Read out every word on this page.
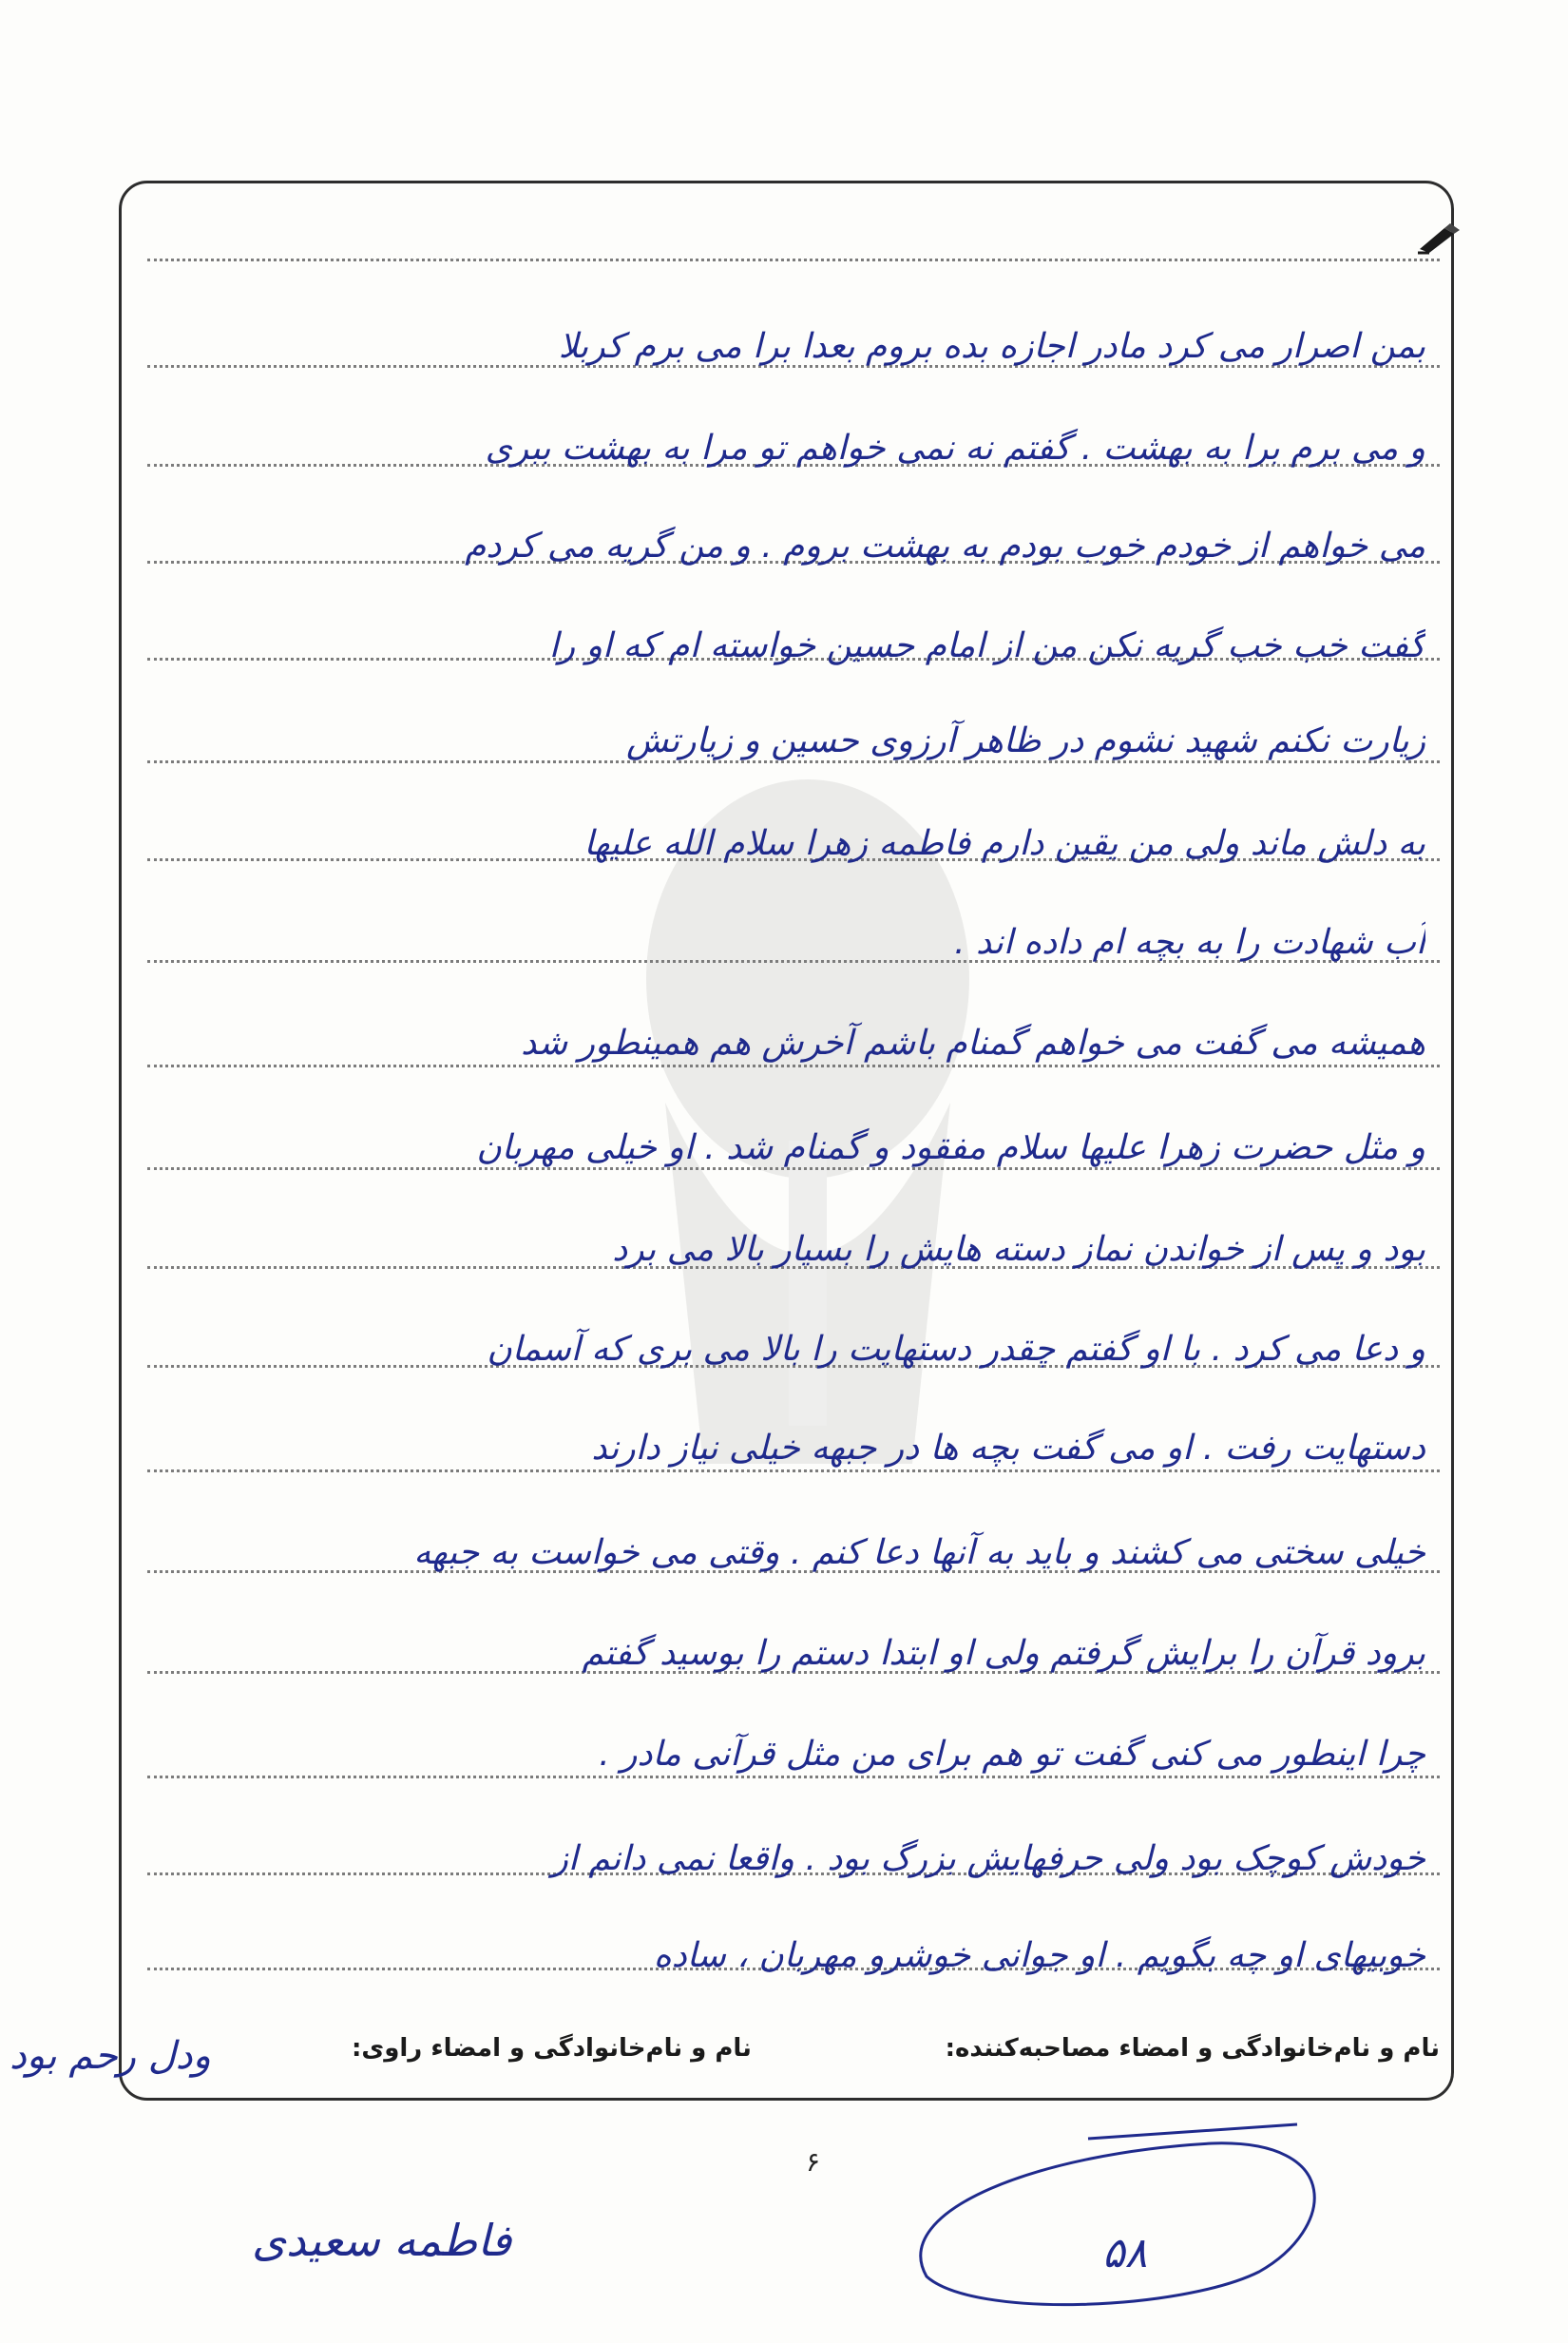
بمن اصرار می کرد مادر اجازه بده بروم بعدا برا می برم کربلا
و می برم برا به بهشت . گفتم نه نمی خواهم تو مرا به بهشت ببری
می خواهم از خودم خوب بودم به بهشت بروم . و من گریه می کردم
گفت خب خب گریه نکن من از امام حسین خواسته ام که او را
زیارت نکنم شهید نشوم در ظاهر آرزوی حسین و زیارتش
به دلش ماند ولی من یقین دارم فاطمه زهرا سلام الله علیها
آب شهادت را به بچه ام داده اند .
همیشه می گفت می خواهم گمنام باشم آخرش هم همینطور شد
و مثل حضرت زهرا علیها سلام مفقود و گمنام شد . او خیلی مهربان
بود و پس از خواندن نماز دسته هایش را بسیار بالا می برد
و دعا می کرد . با او گفتم چقدر دستهایت را بالا می بری که آسمان
دستهایت رفت . او می گفت بچه ها در جبهه خیلی نیاز دارند
خیلی سختی می کشند و باید به آنها دعا کنم . وقتی می خواست به جبهه
برود قرآن را برایش گرفتم ولی او ابتدا دستم را بوسید گفتم
چرا اینطور می کنی گفت تو هم برای من مثل قرآنی مادر .
خودش کوچک بود ولی حرفهایش بزرگ بود . واقعا نمی دانم از
خوبیهای او چه بگویم . او جوانی خوشرو مهربان ، ساده
ودل رحم بود	نام و نام‌خانوادگی و امضاء مصاحبه‌کننده:
نام و نام‌خانوادگی و امضاء راوی:
۶
فاطمه سعیدی	۵۸
